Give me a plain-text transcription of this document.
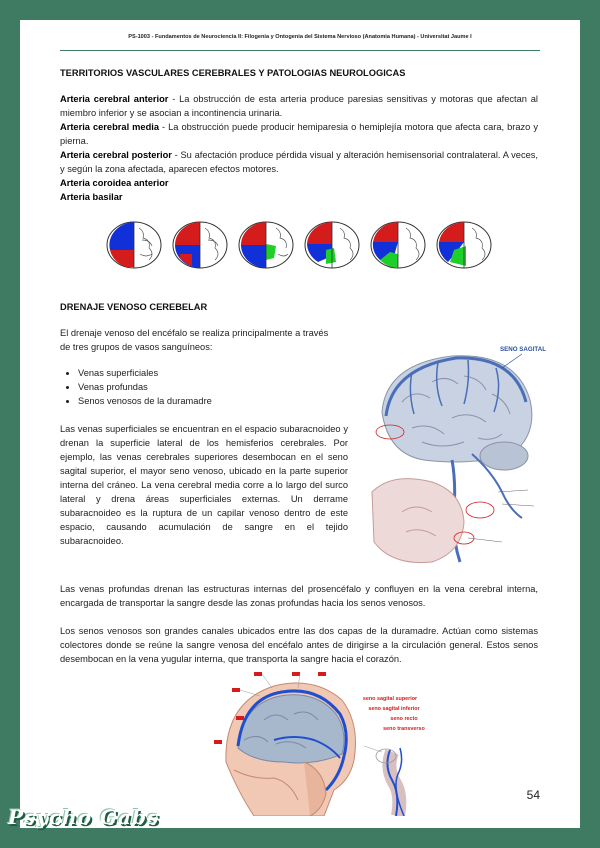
PS-1003 - Fundamentos de Neurociencia II: Filogenia y Ontogenia del Sistema Nervioso (Anatomia Humana) - Universitat Jaume I
TERRITORIOS VASCULARES CEREBRALES Y PATOLOGIAS NEUROLOGICAS
Arteria cerebral anterior - La obstrucción de esta arteria produce paresias sensitivas y motoras que afectan al miembro inferior y se asocian a incontinencia urinaria.
Arteria cerebral media - La obstrucción puede producir hemiparesia o hemiplejía motora que afecta cara, brazo y pierna.
Arteria cerebral posterior - Su afectación produce pérdida visual y alteración hemisensorial contralateral. A veces, y según la zona afectada, aparecen efectos motores.
Arteria coroidea anterior
Arteria basilar
DRENAJE VENOSO CEREBELAR
El drenaje venoso del encéfalo se realiza principalmente a través de tres grupos de vasos sanguíneos:
• Venas superficiales
• Venas profundas
• Senos venosos de la duramadre
Las venas superficiales se encuentran en el espacio subaracnoideo y drenan la superficie lateral de los hemisferios cerebrales. Por ejemplo, las venas cerebrales superiores desembocan en el seno sagital superior, el mayor seno venoso, ubicado en la parte superior interna del cráneo. La vena cerebral media corre a lo largo del surco lateral y drena áreas superficiales externas. Un derrame subaracnoideo es la ruptura de un capilar venoso dentro de este espacio, causando acumulación de sangre en el tejido subaracnoideo.
Las venas profundas drenan las estructuras internas del prosencéfalo y confluyen en la vena cerebral interna, encargada de transportar la sangre desde las zonas profundas hacia los senos venosos.
Los senos venosos son grandes canales ubicados entre las dos capas de la duramadre. Actúan como sistemas colectores donde se reúne la sangre venosa del encéfalo antes de dirigirse a la circulación general. Estos senos desembocan en la vena yugular interna, que transporta la sangre hacia el corazón.
SENO SAGITAL
seno sagital superior
seno sagital inferior
seno recto
seno transverso
54
Psycho Gabs
